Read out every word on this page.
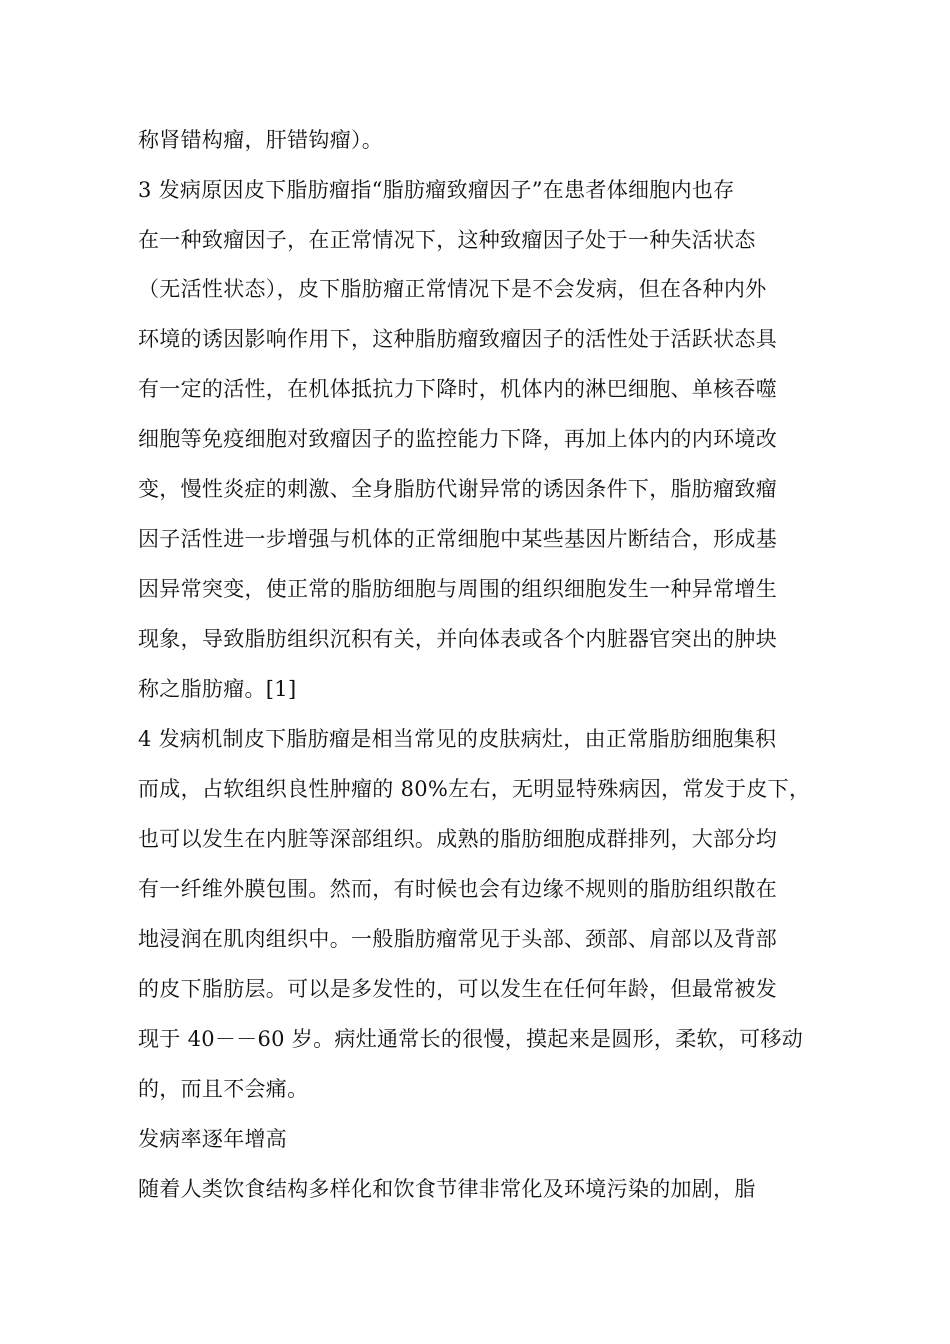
称肾错构瘤，肝错钩瘤）。
3 发病原因皮下脂肪瘤指“脂肪瘤致瘤因子”在患者体细胞内也存
在一种致瘤因子，在正常情况下，这种致瘤因子处于一种失活状态
（无活性状态），皮下脂肪瘤正常情况下是不会发病，但在各种内外
环境的诱因影响作用下，这种脂肪瘤致瘤因子的活性处于活跃状态具
有一定的活性，在机体抵抗力下降时，机体内的淋巴细胞、单核吞噬
细胞等免疫细胞对致瘤因子的监控能力下降，再加上体内的内环境改
变，慢性炎症的刺激、全身脂肪代谢异常的诱因条件下，脂肪瘤致瘤
因子活性进一步增强与机体的正常细胞中某些基因片断结合，形成基
因异常突变，使正常的脂肪细胞与周围的组织细胞发生一种异常增生
现象，导致脂肪组织沉积有关，并向体表或各个内脏器官突出的肿块
称之脂肪瘤。[1]
4 发病机制皮下脂肪瘤是相当常见的皮肤病灶，由正常脂肪细胞集积
而成，占软组织良性肿瘤的 80%左右，无明显特殊病因，常发于皮下，
也可以发生在内脏等深部组织。成熟的脂肪细胞成群排列，大部分均
有一纤维外膜包围。然而，有时候也会有边缘不规则的脂肪组织散在
地浸润在肌肉组织中。一般脂肪瘤常见于头部、颈部、肩部以及背部
的皮下脂肪层。可以是多发性的，可以发生在任何年龄，但最常被发
现于 40－－60 岁。病灶通常长的很慢，摸起来是圆形，柔软，可移动
的，而且不会痛。
发病率逐年增高
随着人类饮食结构多样化和饮食节律非常化及环境污染的加剧，脂
